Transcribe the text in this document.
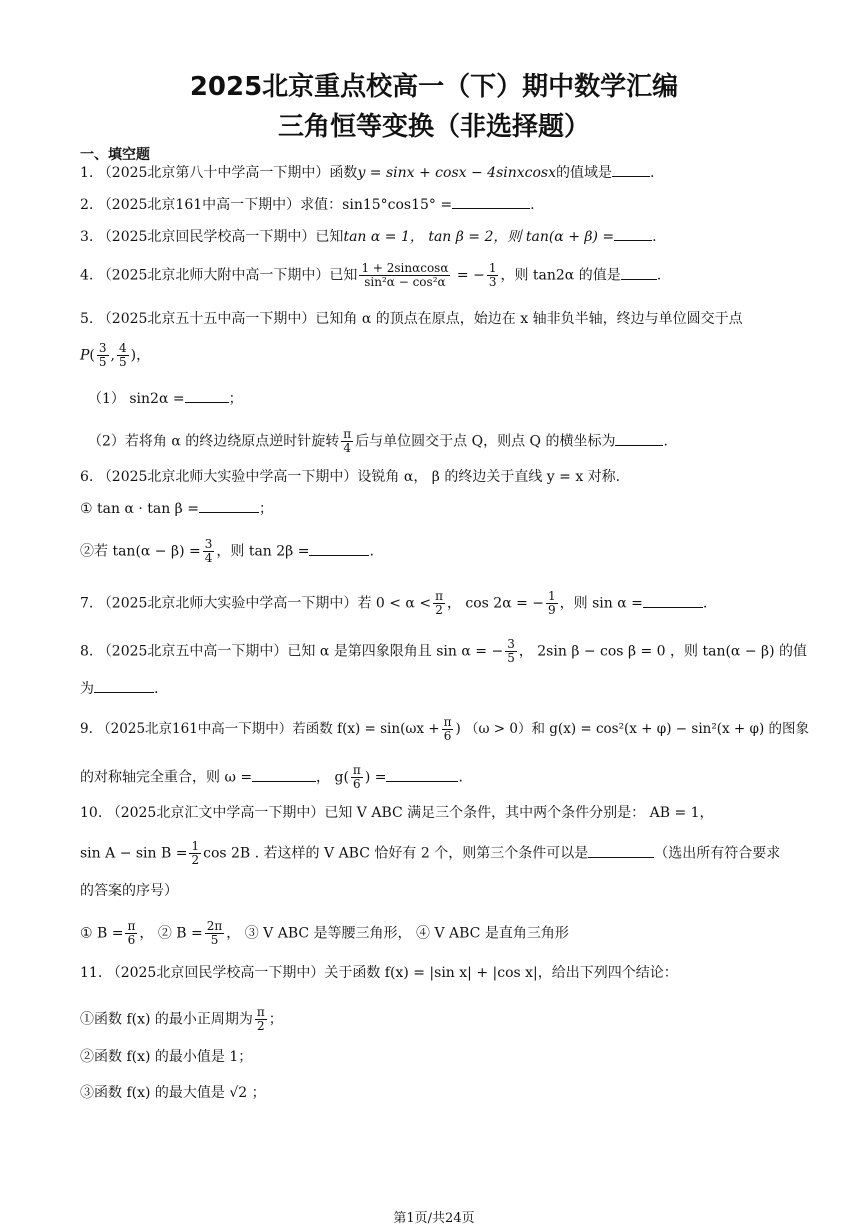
2025北京重点校高一（下）期中数学汇编
三角恒等变换（非选择题）
一、填空题
1. （2025北京第八十中学高一下期中）函数y = sinx + cosx − 4sinxcosx的值域是	.
2. （2025北京161中高一下期中）求值：sin15°cos15° =	.
3. （2025北京回民学校高一下期中）已知tan α = 1， tan β = 2，则 tan(α + β) =	.
4. （2025北京北师大附中高一下期中）已知 $\frac{1 + 2\sin\alpha\cos\alpha}{\text{sin²α − cos²α}}$ = − $\frac{1}{3}$ ，则 tan2α 的值是	.
5. （2025北京五十五中高一下期中）已知角 α 的顶点在原点，始边在 x 轴非负半轴，终边与单位圆交于点
$P( \frac{3}{5}$ , $\frac{4}{5}$ )，
（1） sin2α =	；
（2）若将角 α 的终边绕原点逆时针旋转 $\frac{\pi}{4}$ 后与单位圆交于点 Q，则点 Q 的横坐标为	.
6. （2025北京北师大实验中学高一下期中）设锐角 α， β 的终边关于直线 y = x 对称.
① tan α · tan β =	；
②若 $\tan(\alpha - \beta) = \frac{3}{4}$ ，则 tan 2β =	.
7. （2025北京北师大实验中学高一下期中）若 $0 < \alpha < \frac{\pi}{2}$ ， cos 2α = − $\frac{1}{9}$ ，则 sin α =	.
8. （2025北京五中高一下期中）已知 α 是第四象限角且 sin α = − $\frac{3}{5}$ ， 2sin β − cos β = 0 ，则 tan(α − β) 的值
为	.
9. （2025北京161中高一下期中）若函数 $f(x) = \sin(\omega x + \frac{\pi}{6}$ ) （ω > 0）和 g(x) = cos²(x + φ) − sin²(x + φ) 的图象
的对称轴完全重合，则 ω =	， $g( \frac{\pi}{6}$ ) =	.
10. （2025北京汇文中学高一下期中）已知 V ABC 满足三个条件，其中两个条件分别是： AB = 1，
$\sin A - \sin B = \frac{1}{2}$ cos 2B . 若这样的 V ABC 恰好有 2 个，则第三个条件可以是	（选出所有符合要求
的答案的序号）
① $B = \frac{\pi}{6}$ ， ② $B = \frac{2\pi}{5}$ ， ③ V ABC 是等腰三角形， ④ V ABC 是直角三角形
11. （2025北京回民学校高一下期中）关于函数 f(x) = |sin x| + |cos x|，给出下列四个结论：
①函数 f(x) 的最小正周期为 $\frac{\pi}{2}$ ；
②函数 f(x) 的最小值是 1；
③函数 f(x) 的最大值是 √2 ；
第1页/共24页
